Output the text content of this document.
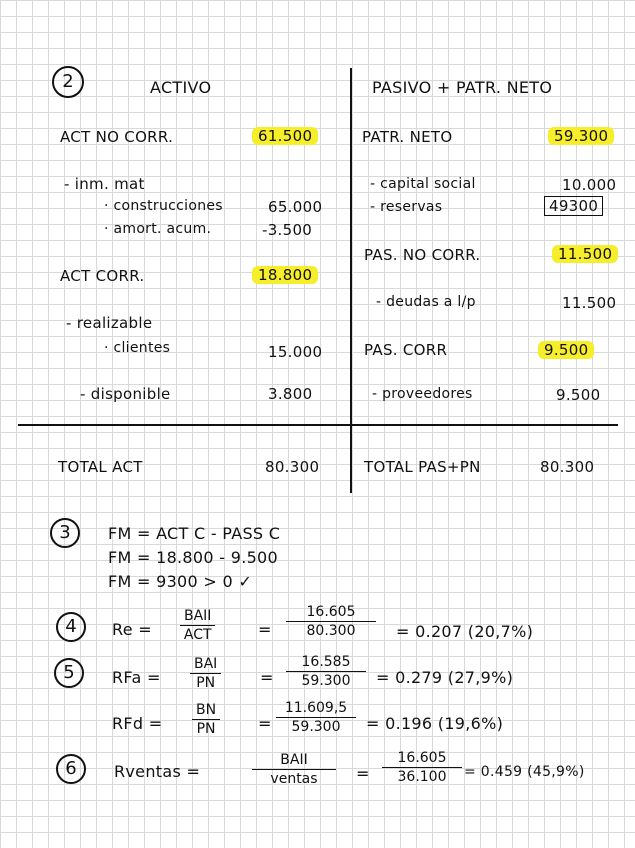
2	ACTIVO	PASIVO + PATR. NETO
ACT NO CORR.	61.500
- inm. mat
· construcciones	65.000
· amort. acum.	-3.500
ACT CORR.	18.800
- realizable
· clientes	15.000
- disponible	3.800
TOTAL ACT	80.300
PATR. NETO	59.300
- capital social	10.000
- reservas	49300
PAS. NO CORR.	11.500
- deudas a l/p	11.500
PAS. CORR	9.500
- proveedores	9.500
TOTAL PAS+PN	80.300
3	FM = ACT C - PASS C
FM = 18.800 - 9.500
FM = 9300 > 0 ✓
4	Re =
BAII
ACT	= $\frac{16.605}{80.300} = 0.207$ (20,7%)
5	RFa =
BAI
PN	= $\frac{16.585}{59.300} = 0.279$ (27,9%)
RFd = $\frac{BN}{PN} = \frac{11.609,5}{59.300} = 0.196$ (19,6%)
6	Rventas =
BAII
ventas	= $\frac{16.605}{36.100} = 0.459$ (45,9%)
